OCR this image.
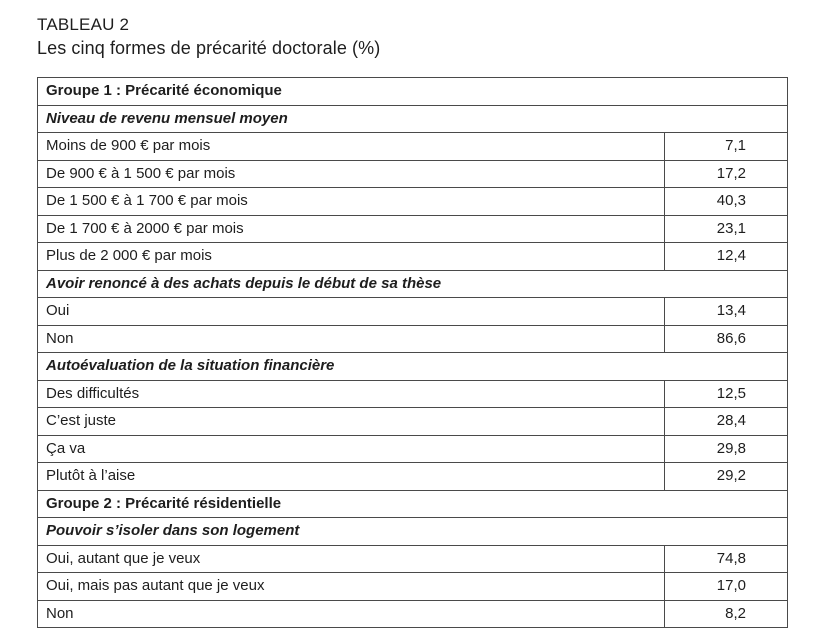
TABLEAU 2
Les cinq formes de précarité doctorale (%)
Groupe 1 : Précarité économique	
Niveau de revenu mensuel moyen	
Moins de 900 € par mois	7,1
De 900 € à 1 500 € par mois	17,2
De 1 500 € à 1 700 € par mois	40,3
De 1 700 € à 2000 € par mois	23,1
Plus de 2 000 € par mois	12,4
Avoir renoncé à des achats depuis le début de sa thèse	
Oui	13,4
Non	86,6
Autoévaluation de la situation financière	
Des difficultés	12,5
C’est juste	28,4
Ça va	29,8
Plutôt à l’aise	29,2
Groupe 2 : Précarité résidentielle	
Pouvoir s’isoler dans son logement	
Oui, autant que je veux	74,8
Oui, mais pas autant que je veux	17,0
Non	8,2
